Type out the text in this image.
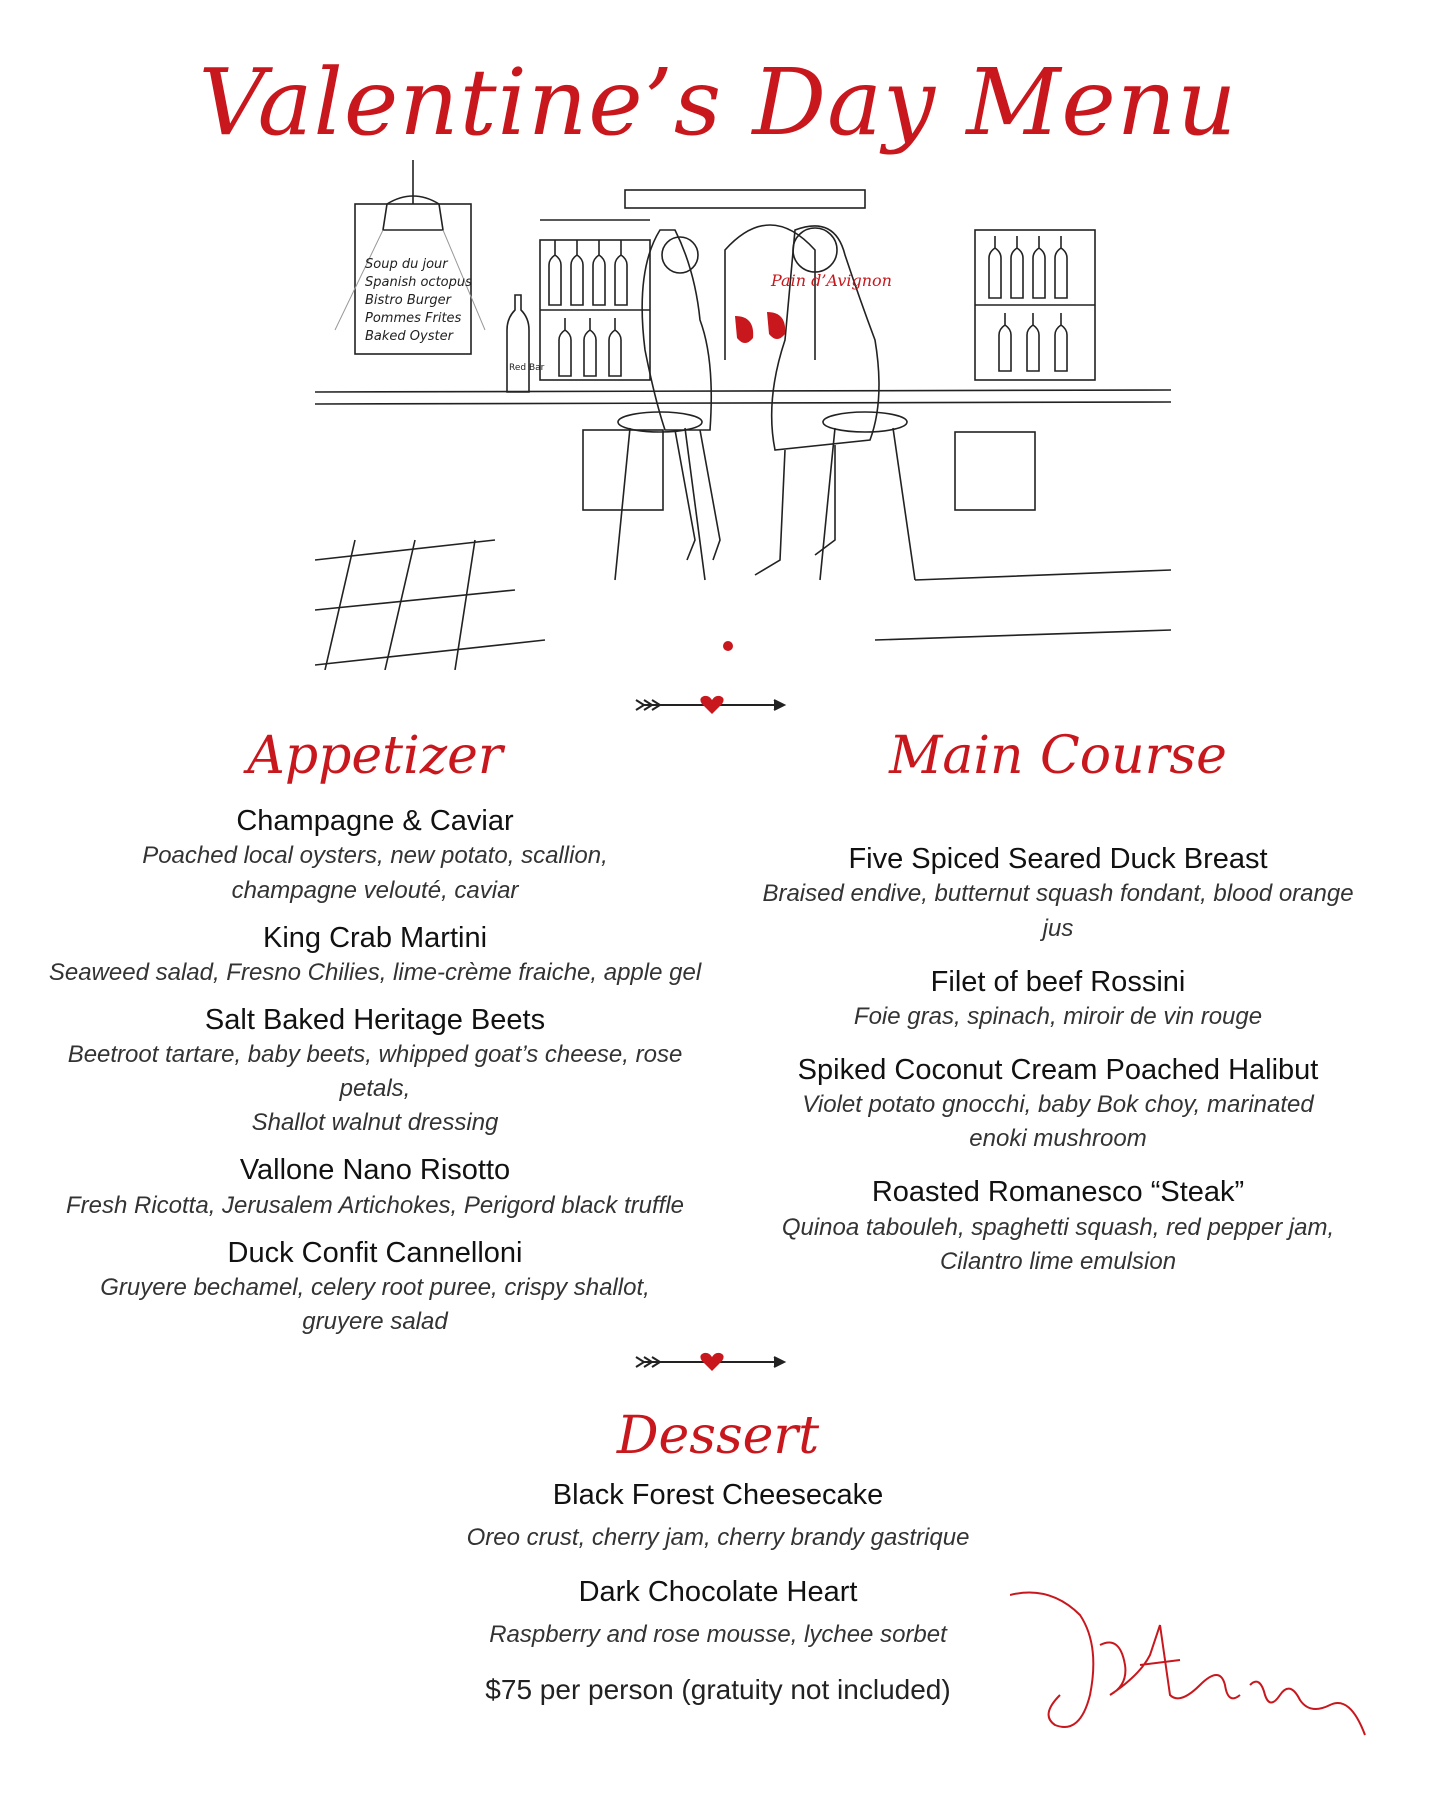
Valentine’s Day Menu
Soup du jour
Spanish octopus
Bistro Burger
Pommes Frites
Baked Oyster
Red Bar
Pain d’Avignon
Appetizer
Champagne & Caviar
Poached local oysters, new potato, scallion,
champagne velouté, caviar
King Crab Martini
Seaweed salad, Fresno Chilies, lime-crème fraiche, apple gel
Salt Baked Heritage Beets
Beetroot tartare, baby beets, whipped goat’s cheese, rose petals,
Shallot walnut dressing
Vallone Nano Risotto
Fresh Ricotta, Jerusalem Artichokes, Perigord black truffle
Duck Confit Cannelloni
Gruyere bechamel, celery root puree, crispy shallot,
gruyere salad
Main Course
Five Spiced Seared Duck Breast
Braised endive, butternut squash fondant, blood orange jus
Filet of beef Rossini
Foie gras, spinach, miroir de vin rouge
Spiked Coconut Cream Poached Halibut
Violet potato gnocchi, baby Bok choy, marinated
enoki mushroom
Roasted Romanesco “Steak”
Quinoa tabouleh, spaghetti squash, red pepper jam,
Cilantro lime emulsion
Dessert
Black Forest Cheesecake
Oreo crust, cherry jam, cherry brandy gastrique
Dark Chocolate Heart
Raspberry and rose mousse, lychee sorbet
$75 per person (gratuity not included)
